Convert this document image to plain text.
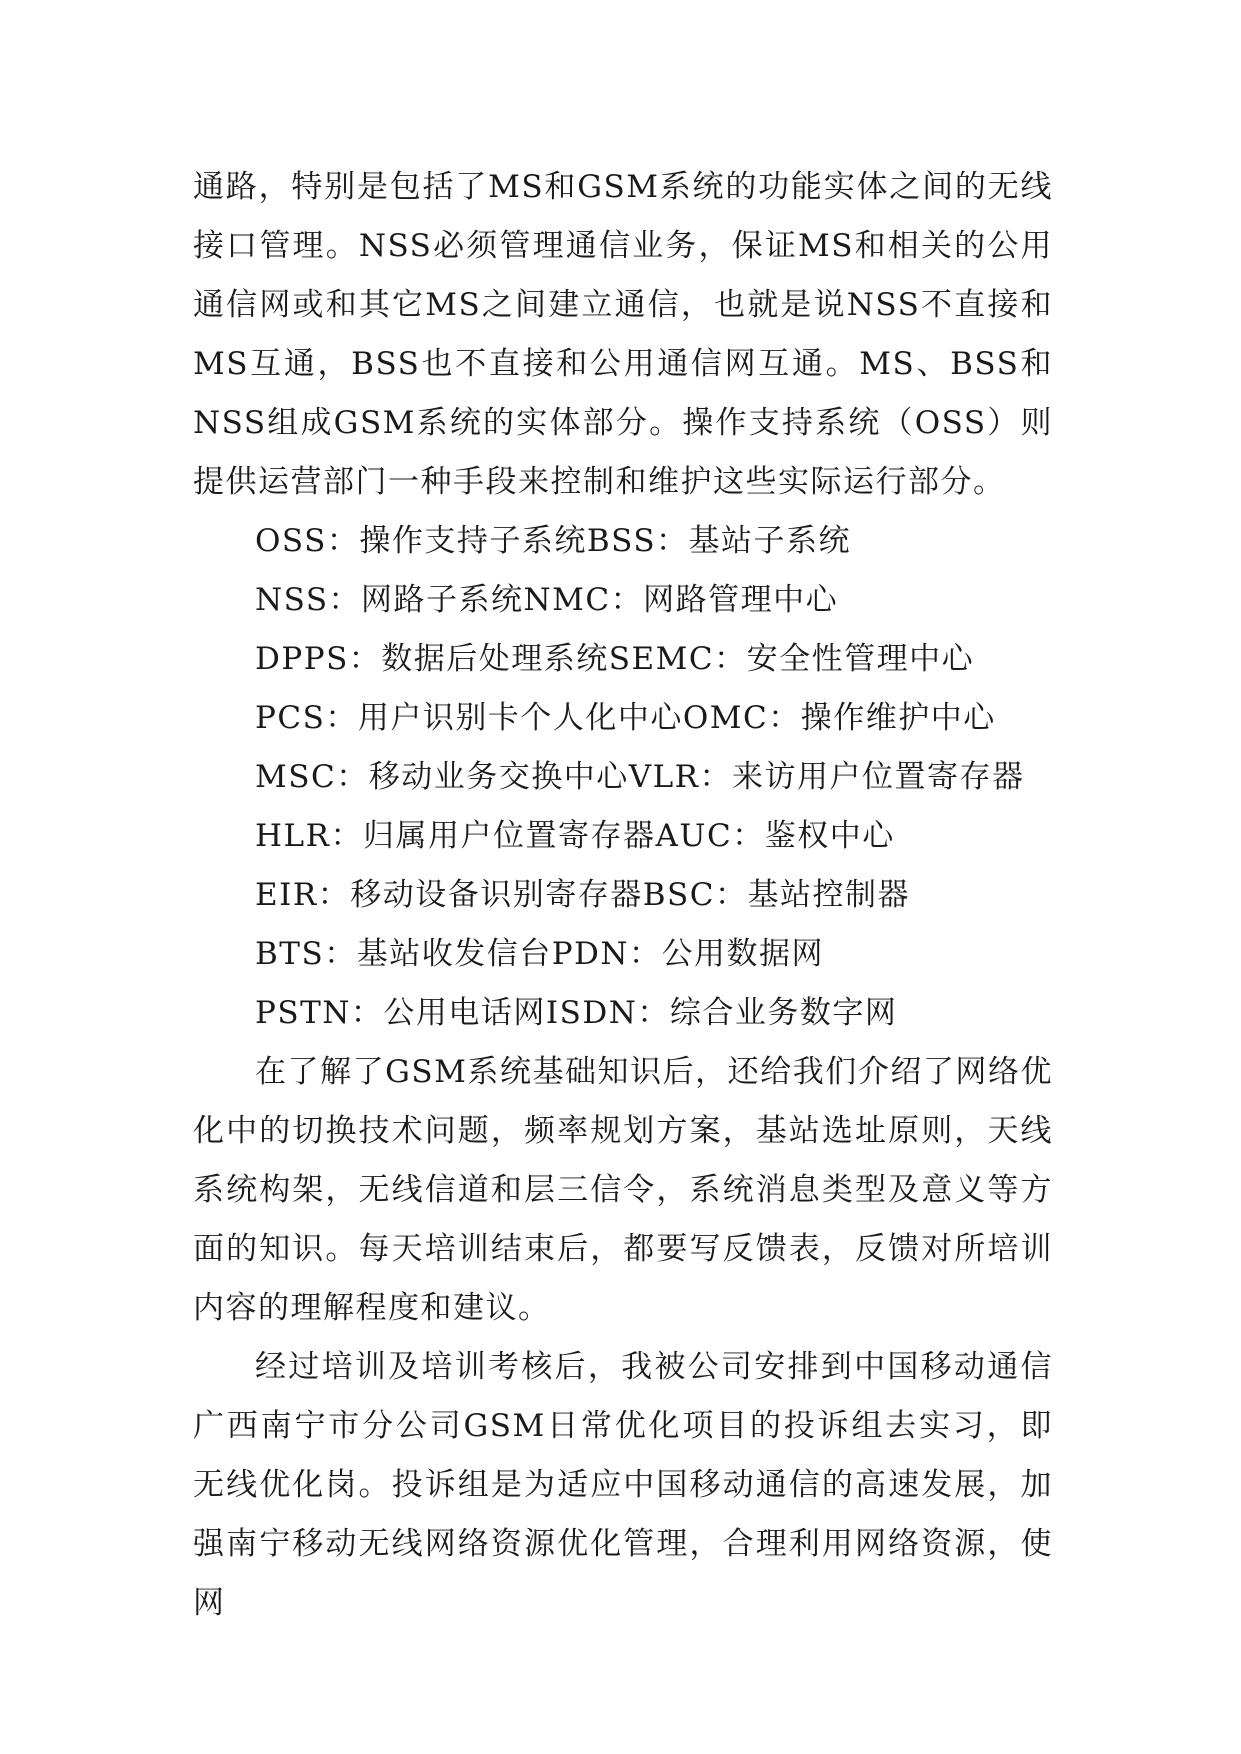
通路，特别是包括了MS和GSM系统的功能实体之间的无线接口管理。NSS必须管理通信业务，保证MS和相关的公用通信网或和其它MS之间建立通信，也就是说NSS不直接和MS互通，BSS也不直接和公用通信网互通。MS、BSS和NSS组成GSM系统的实体部分。操作支持系统（OSS）则提供运营部门一种手段来控制和维护这些实际运行部分。

OSS：操作支持子系统BSS：基站子系统

NSS：网路子系统NMC：网路管理中心

DPPS：数据后处理系统SEMC：安全性管理中心

PCS：用户识别卡个人化中心OMC：操作维护中心

MSC：移动业务交换中心VLR：来访用户位置寄存器

HLR：归属用户位置寄存器AUC：鉴权中心

EIR：移动设备识别寄存器BSC：基站控制器

BTS：基站收发信台PDN：公用数据网

PSTN：公用电话网ISDN：综合业务数字网

在了解了GSM系统基础知识后，还给我们介绍了网络优化中的切换技术问题，频率规划方案，基站选址原则，天线系统构架，无线信道和层三信令，系统消息类型及意义等方面的知识。每天培训结束后，都要写反馈表，反馈对所培训内容的理解程度和建议。

经过培训及培训考核后，我被公司安排到中国移动通信广西南宁市分公司GSM日常优化项目的投诉组去实习，即无线优化岗。投诉组是为适应中国移动通信的高速发展，加强南宁移动无线网络资源优化管理，合理利用网络资源，使网
